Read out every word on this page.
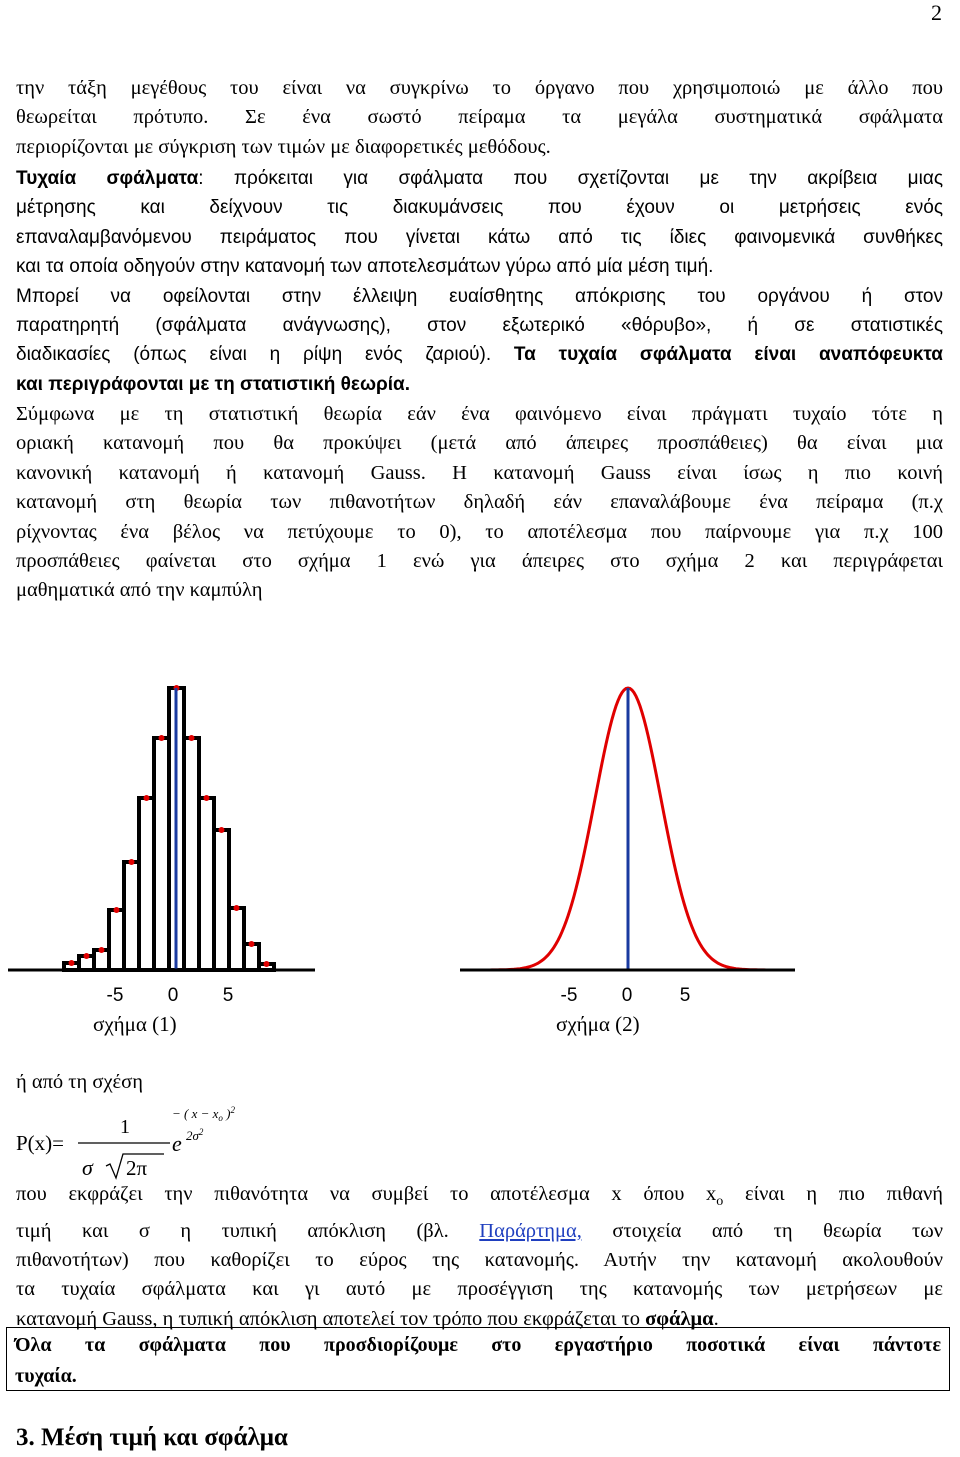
2
την τάξη μεγέθους του είναι να συγκρίνω το όργανο που χρησιμοποιώ με άλλο που
θεωρείται πρότυπο. Σε ένα σωστό πείραμα τα μεγάλα συστηματικά σφάλματα
περιορίζονται με σύγκριση των τιμών με διαφορετικές μεθόδους.
Τυχαία σφάλματα: πρόκειται για σφάλματα που σχετίζονται με την ακρίβεια μιας
μέτρησης και δείχνουν τις διακυμάνσεις που έχουν οι μετρήσεις ενός
επαναλαμβανόμενου πειράματος που γίνεται κάτω από τις ίδιες φαινομενικά συνθήκες
και τα οποία οδηγούν στην κατανομή των αποτελεσμάτων γύρω από μία μέση τιμή.
Μπορεί να οφείλονται στην έλλειψη ευαίσθητης απόκρισης του οργάνου ή στον
παρατηρητή (σφάλματα ανάγνωσης), στον εξωτερικό «θόρυβο», ή σε στατιστικές
διαδικασίες (όπως είναι η ρίψη ενός ζαριού). Τα τυχαία σφάλματα είναι αναπόφευκτα
και περιγράφονται με τη στατιστική θεωρία.
Σύμφωνα με τη στατιστική θεωρία εάν ένα φαινόμενο είναι πράγματι τυχαίο τότε η
οριακή κατανομή που θα προκύψει (μετά από άπειρες προσπάθειες) θα είναι μια
κανονική κατανομή ή κατανομή Gauss. Η κατανομή Gauss είναι ίσως η πιο κοινή
κατανομή στη θεωρία των πιθανοτήτων δηλαδή εάν επαναλάβουμε ένα πείραμα (π.χ
ρίχνοντας ένα βέλος να πετύχουμε το 0), το αποτέλεσμα που παίρνουμε για π.χ 100
προσπάθειες φαίνεται στο σχήμα 1 ενώ για άπειρες στο σχήμα 2 και περιγράφεται
μαθηματικά από την καμπύλη
-5 0 5
σχήμα (1)
-5 0 5
σχήμα (2)
ή από τη σχέση
P(x)=
1
σ 2π
e
− ( $x - x_o$ )$^2$
$2\sigma^2$
που εκφράζει την πιθανότητα να συμβεί το αποτέλεσμα x όπου $x_o$ είναι η πιο πιθανή
τιμή και σ η τυπική απόκλιση (βλ. Παράρτημα, στοιχεία από τη θεωρία των
πιθανοτήτων) που καθορίζει το εύρος της κατανομής. Αυτήν την κατανομή ακολουθούν
τα τυχαία σφάλματα και γι αυτό με προσέγγιση της κατανομής των μετρήσεων με
κατανομή Gauss, η τυπική απόκλιση αποτελεί τον τρόπο που εκφράζεται το σφάλμα.
Όλα τα σφάλματα που προσδιορίζουμε στο εργαστήριο ποσοτικά είναι πάντοτε
τυχαία.
3. Μέση τιμή και σφάλμα
